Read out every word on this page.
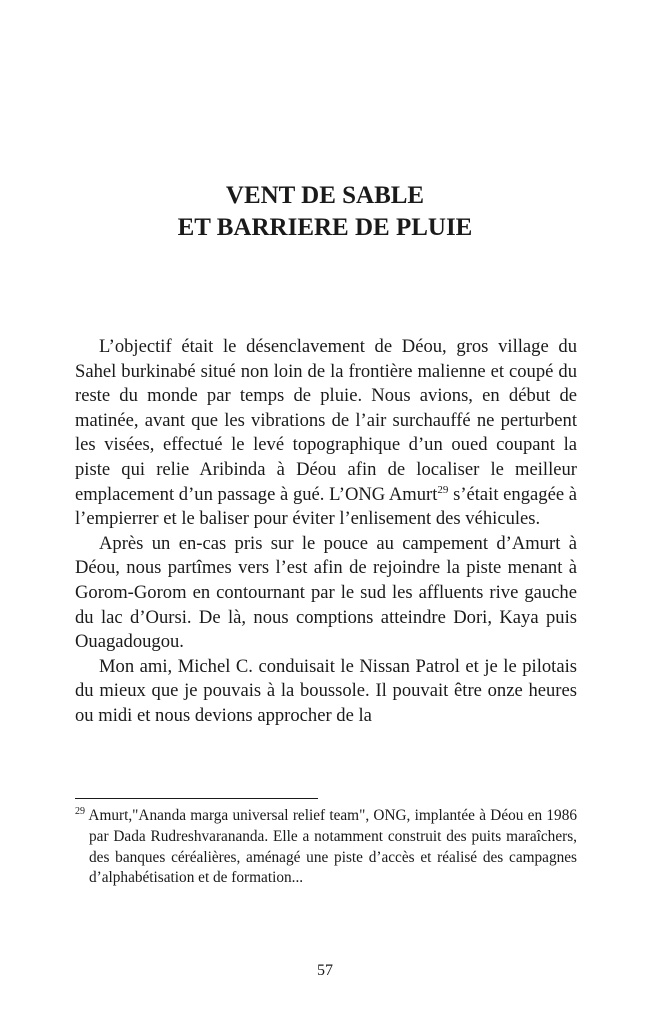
VENT DE SABLE
ET BARRIERE DE PLUIE

L’objectif était le désenclavement de Déou, gros village du Sahel burkinabé situé non loin de la frontière malienne et coupé du reste du monde par temps de pluie. Nous avions, en début de matinée, avant que les vibrations de l’air surchauffé ne perturbent les visées, effectué le levé topographique d’un oued coupant la piste qui relie Aribinda à Déou afin de localiser le meilleur emplacement d’un passage à gué. L’ONG Amurt$^{29}$ s’était engagée à l’empierrer et le baliser pour éviter l’enlisement des véhicules.

Après un en-cas pris sur le pouce au campement d’Amurt à Déou, nous partîmes vers l’est afin de rejoindre la piste menant à Gorom-Gorom en contournant par le sud les affluents rive gauche du lac d’Oursi. De là, nous comptions atteindre Dori, Kaya puis Ouagadougou.

Mon ami, Michel C. conduisait le Nissan Patrol et je le pilotais du mieux que je pouvais à la boussole. Il pouvait être onze heures ou midi et nous devions approcher de la

$^{29}$ Amurt,"Ananda marga universal relief team", ONG, implantée à Déou en 1986 par Dada Rudreshvarananda. Elle a notamment construit des puits maraîchers, des banques céréalières, aménagé une piste d’accès et réalisé des campagnes d’alphabétisation et de formation...
57
